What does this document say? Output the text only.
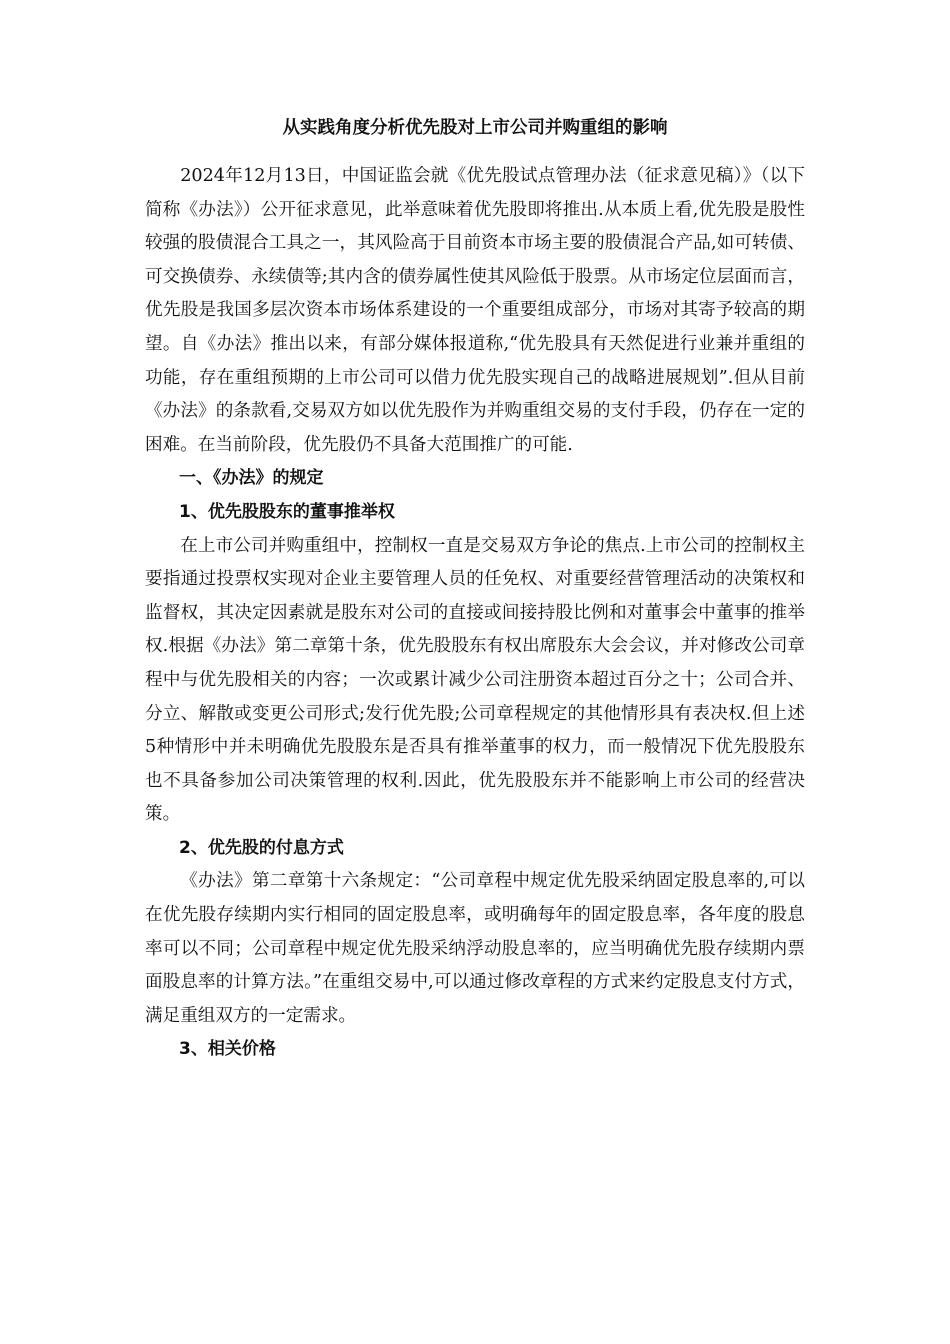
从实践角度分析优先股对上市公司并购重组的影响

2024年12月13日，中国证监会就《优先股试点管理办法（征求意见稿）》（以下简称《办法》）公开征求意见，此举意味着优先股即将推出.从本质上看,优先股是股性较强的股债混合工具之一，其风险高于目前资本市场主要的股债混合产品,如可转债、可交换债券、永续债等;其内含的债券属性使其风险低于股票。从市场定位层面而言，优先股是我国多层次资本市场体系建设的一个重要组成部分，市场对其寄予较高的期望。自《办法》推出以来，有部分媒体报道称,“优先股具有天然促进行业兼并重组的功能，存在重组预期的上市公司可以借力优先股实现自己的战略进展规划”.但从目前《办法》的条款看,交易双方如以优先股作为并购重组交易的支付手段，仍存在一定的困难。在当前阶段，优先股仍不具备大范围推广的可能.

一、《办法》的规定

1、优先股股东的董事推举权

在上市公司并购重组中，控制权一直是交易双方争论的焦点.上市公司的控制权主要指通过投票权实现对企业主要管理人员的任免权、对重要经营管理活动的决策权和监督权，其决定因素就是股东对公司的直接或间接持股比例和对董事会中董事的推举权.根据《办法》第二章第十条，优先股股东有权出席股东大会会议，并对修改公司章程中与优先股相关的内容；一次或累计减少公司注册资本超过百分之十；公司合并、分立、解散或变更公司形式;发行优先股;公司章程规定的其他情形具有表决权.但上述5种情形中并未明确优先股股东是否具有推举董事的权力，而一般情况下优先股股东也不具备参加公司决策管理的权利.因此，优先股股东并不能影响上市公司的经营决策。

2、优先股的付息方式

《办法》第二章第十六条规定：“公司章程中规定优先股采纳固定股息率的,可以在优先股存续期内实行相同的固定股息率，或明确每年的固定股息率，各年度的股息率可以不同；公司章程中规定优先股采纳浮动股息率的，应当明确优先股存续期内票面股息率的计算方法。”在重组交易中,可以通过修改章程的方式来约定股息支付方式，满足重组双方的一定需求。

3、相关价格
